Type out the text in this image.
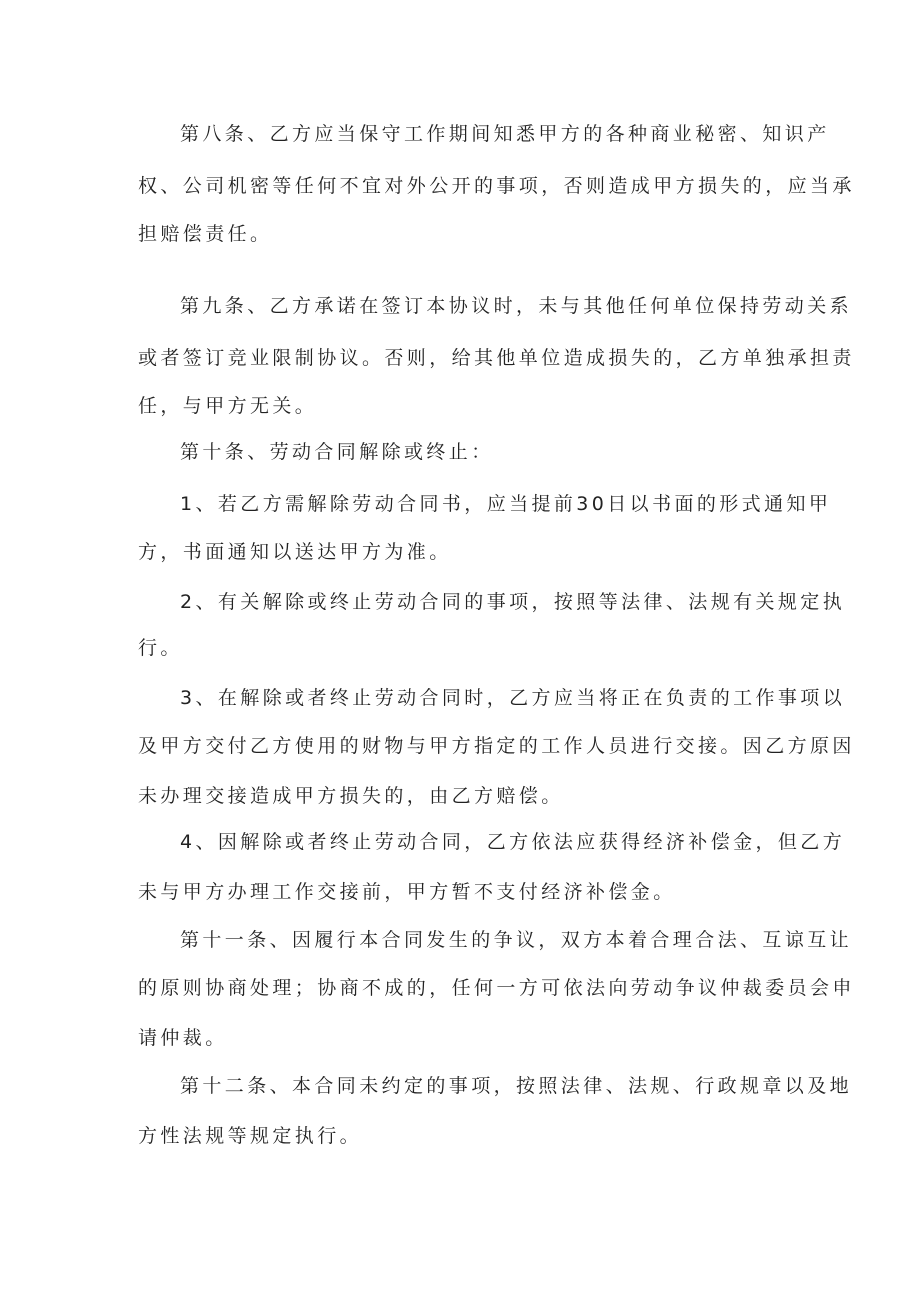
第八条、乙方应当保守工作期间知悉甲方的各种商业秘密、知识产

权、公司机密等任何不宜对外公开的事项，否则造成甲方损失的，应当承

担赔偿责任。

第九条、乙方承诺在签订本协议时，未与其他任何单位保持劳动关系

或者签订竞业限制协议。否则，给其他单位造成损失的，乙方单独承担责

任，与甲方无关。

第十条、劳动合同解除或终止：

1、若乙方需解除劳动合同书，应当提前30日以书面的形式通知甲

方，书面通知以送达甲方为准。

2、有关解除或终止劳动合同的事项，按照等法律、法规有关规定执

行。

3、在解除或者终止劳动合同时，乙方应当将正在负责的工作事项以

及甲方交付乙方使用的财物与甲方指定的工作人员进行交接。因乙方原因

未办理交接造成甲方损失的，由乙方赔偿。

4、因解除或者终止劳动合同，乙方依法应获得经济补偿金，但乙方

未与甲方办理工作交接前，甲方暂不支付经济补偿金。

第十一条、因履行本合同发生的争议，双方本着合理合法、互谅互让

的原则协商处理；协商不成的，任何一方可依法向劳动争议仲裁委员会申

请仲裁。

第十二条、本合同未约定的事项，按照法律、法规、行政规章以及地

方性法规等规定执行。
